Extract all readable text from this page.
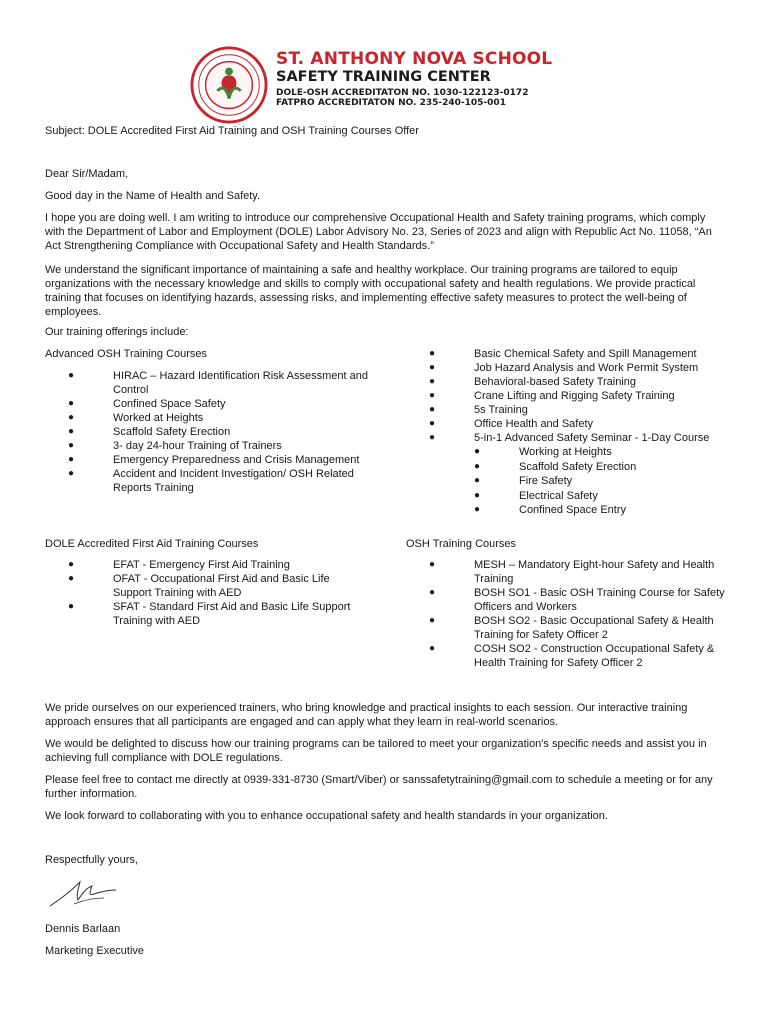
ST. ANTHONY NOVA SCHOOL
SAFETY TRAINING CENTER
DOLE-OSH ACCREDITATON NO. 1030-122123-0172
FATPRO ACCREDITATON NO. 235-240-105-001

Subject: DOLE Accredited First Aid Training and OSH Training Courses Offer

Dear Sir/Madam,

Good day in the Name of Health and Safety.

I hope you are doing well. I am writing to introduce our comprehensive Occupational Health and Safety training programs, which comply with the Department of Labor and Employment (DOLE) Labor Advisory No. 23, Series of 2023 and align with Republic Act No. 11058, “An Act Strengthening Compliance with Occupational Safety and Health Standards.”

We understand the significant importance of maintaining a safe and healthy workplace. Our training programs are tailored to equip organizations with the necessary knowledge and skills to comply with occupational safety and health regulations. We provide practical training that focuses on identifying hazards, assessing risks, and implementing effective safety measures to protect the well-being of employees.

Our training offerings include:

Advanced OSH Training Courses

●	HIRAC – Hazard Identification Risk Assessment and Control
●	Confined Space Safety
●	Worked at Heights
●	Scaffold Safety Erection
●	3- day 24-hour Training of Trainers
●	Emergency Preparedness and Crisis Management
●	Accident and Incident Investigation/ OSH Related Reports Training
●	Basic Chemical Safety and Spill Management
●	Job Hazard Analysis and Work Permit System
●	Behavioral-based Safety Training
●	Crane Lifting and Rigging Safety Training
●	5s Training
●	Office Health and Safety
●	5-in-1 Advanced Safety Seminar - 1-Day Course
●	Working at Heights
●	Scaffold Safety Erection
●	Fire Safety
●	Electrical Safety
●	Confined Space Entry

DOLE Accredited First Aid Training Courses

●	EFAT - Emergency First Aid Training
●	OFAT - Occupational First Aid and Basic Life Support Training with AED
●	SFAT - Standard First Aid and Basic Life Support Training with AED

OSH Training Courses

●	MESH – Mandatory Eight-hour Safety and Health Training
●	BOSH SO1 - Basic OSH Training Course for Safety Officers and Workers
●	BOSH SO2 - Basic Occupational Safety & Health Training for Safety Officer 2
●	COSH SO2 - Construction Occupational Safety & Health Training for Safety Officer 2

We pride ourselves on our experienced trainers, who bring knowledge and practical insights to each session. Our interactive training approach ensures that all participants are engaged and can apply what they learn in real-world scenarios.

We would be delighted to discuss how our training programs can be tailored to meet your organization's specific needs and assist you in achieving full compliance with DOLE regulations.

Please feel free to contact me directly at 0939-331-8730 (Smart/Viber) or sanssafetytraining@gmail.com to schedule a meeting or for any further information.

We look forward to collaborating with you to enhance occupational safety and health standards in your organization.

Respectfully yours,

Dennis Barlaan

Marketing Executive
